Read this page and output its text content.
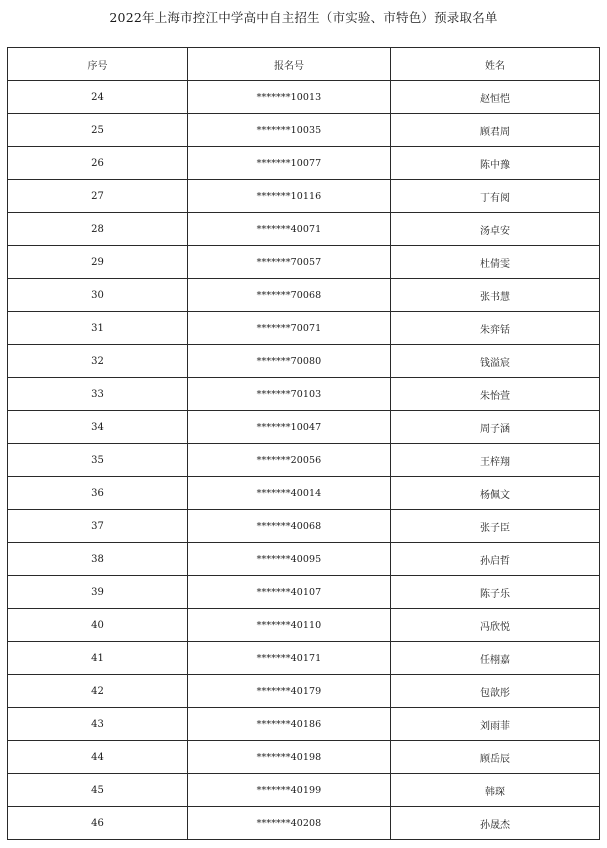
2022年上海市控江中学高中自主招生（市实验、市特色）预录取名单
序号	报名号	姓名
24	*******10013	赵恒恺
25	*******10035	顾君周
26	*******10077	陈中豫
27	*******10116	丁有阅
28	*******40071	汤卓安
29	*******70057	杜倩雯
30	*******70068	张书慧
31	*******70071	朱弈铦
32	*******70080	钱溢宸
33	*******70103	朱怡萱
34	*******10047	周子涵
35	*******20056	王梓翔
36	*******40014	杨佩文
37	*******40068	张子臣
38	*******40095	孙启哲
39	*******40107	陈子乐
40	*******40110	冯欣悦
41	*******40171	任栩嘉
42	*******40179	包歆彤
43	*******40186	刘雨菲
44	*******40198	顾岳辰
45	*******40199	韩琛
46	*******40208	孙晟杰
